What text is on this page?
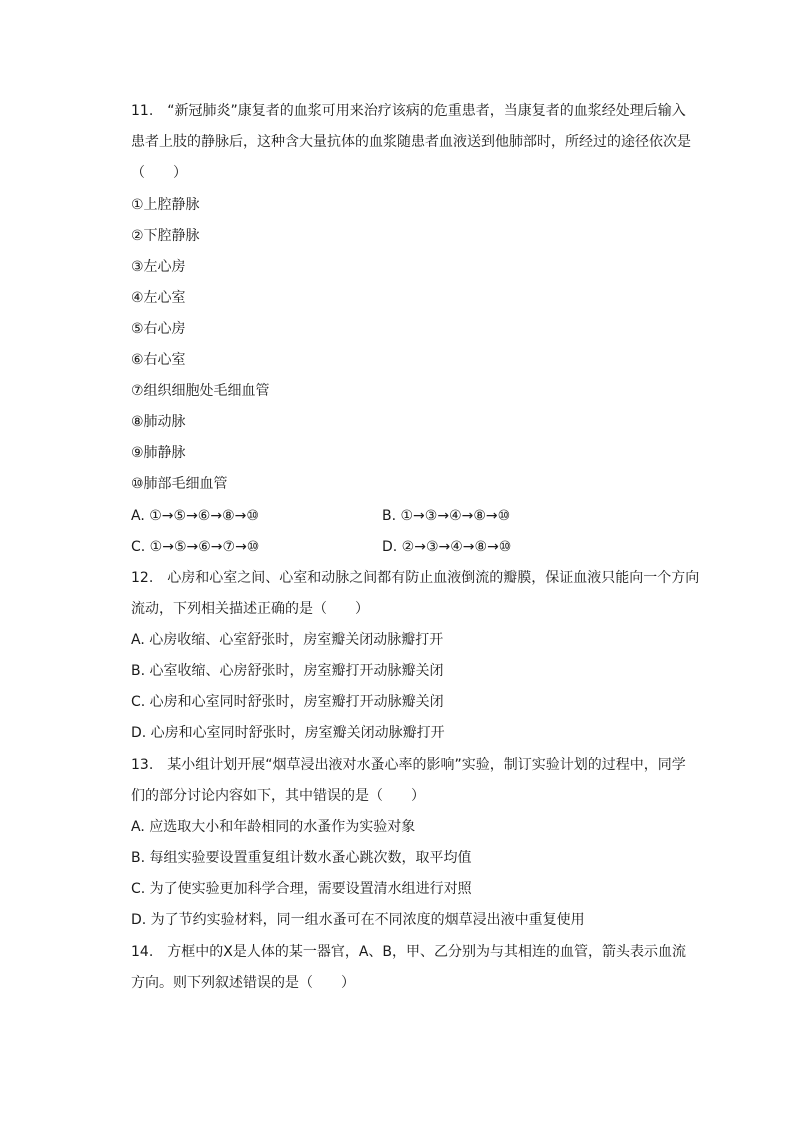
11.　“新冠肺炎”康复者的血浆可用来治疗该病的危重患者，当康复者的血浆经处理后输入
患者上肢的静脉后，这种含大量抗体的血浆随患者血液送到他肺部时，所经过的途径依次是
（　　）
①上腔静脉
②下腔静脉
③左心房
④左心室
⑤右心房
⑥右心室
⑦组织细胞处毛细血管
⑧肺动脉
⑨肺静脉
⑩肺部毛细血管
A. ①→⑤→⑥→⑧→⑩	B. ①→③→④→⑧→⑩
C. ①→⑤→⑥→⑦→⑩	D. ②→③→④→⑧→⑩
12.　心房和心室之间、心室和动脉之间都有防止血液倒流的瓣膜，保证血液只能向一个方向
流动，下列相关描述正确的是（　　）
A. 心房收缩、心室舒张时，房室瓣关闭动脉瓣打开
B. 心室收缩、心房舒张时，房室瓣打开动脉瓣关闭
C. 心房和心室同时舒张时，房室瓣打开动脉瓣关闭
D. 心房和心室同时舒张时，房室瓣关闭动脉瓣打开
13.　某小组计划开展“烟草浸出液对水蚤心率的影响”实验，制订实验计划的过程中，同学
们的部分讨论内容如下，其中错误的是（　　）
A. 应选取大小和年龄相同的水蚤作为实验对象
B. 每组实验要设置重复组计数水蚤心跳次数，取平均值
C. 为了使实验更加科学合理，需要设置清水组进行对照
D. 为了节约实验材料，同一组水蚤可在不同浓度的烟草浸出液中重复使用
14.　方框中的X是人体的某一器官，A、B，甲、乙分别为与其相连的血管，箭头表示血流
方向。则下列叙述错误的是（　　）
